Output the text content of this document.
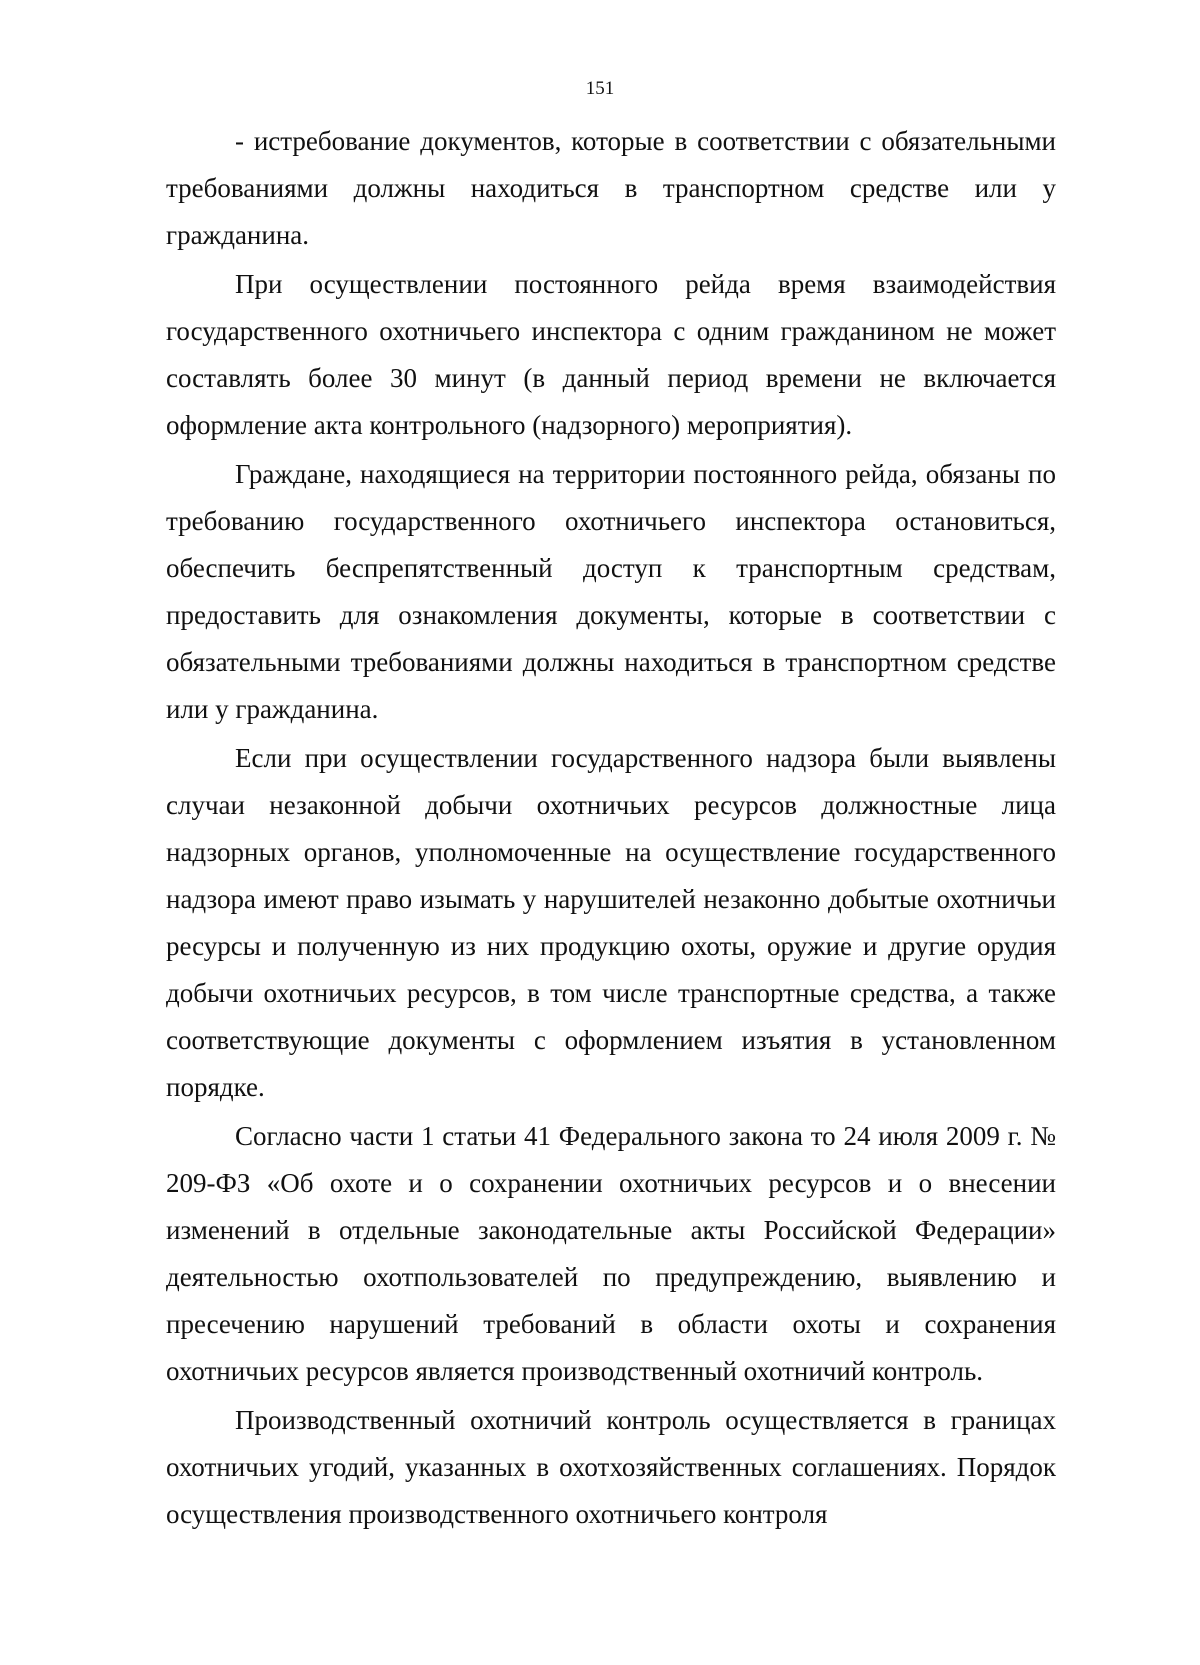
151

- истребование документов, которые в соответствии с обязательными требованиями должны находиться в транспортном средстве или у гражданина.

При осуществлении постоянного рейда время взаимодействия государственного охотничьего инспектора с одним гражданином не может составлять более 30 минут (в данный период времени не включается оформление акта контрольного (надзорного) мероприятия).

Граждане, находящиеся на территории постоянного рейда, обязаны по требованию государственного охотничьего инспектора остановиться, обеспечить беспрепятственный доступ к транспортным средствам, предоставить для ознакомления документы, которые в соответствии с обязательными требованиями должны находиться в транспортном средстве или у гражданина.

Если при осуществлении государственного надзора были выявлены случаи незаконной добычи охотничьих ресурсов должностные лица надзорных органов, уполномоченные на осуществление государственного надзора имеют право изымать у нарушителей незаконно добытые охотничьи ресурсы и полученную из них продукцию охоты, оружие и другие орудия добычи охотничьих ресурсов, в том числе транспортные средства, а также соответствующие документы с оформлением изъятия в установленном порядке.

Согласно части 1 статьи 41 Федерального закона то 24 июля 2009 г. № 209-ФЗ «Об охоте и о сохранении охотничьих ресурсов и о внесении изменений в отдельные законодательные акты Российской Федерации» деятельностью охотпользователей по предупреждению, выявлению и пресечению нарушений требований в области охоты и сохранения охотничьих ресурсов является производственный охотничий контроль.

Производственный охотничий контроль осуществляется в границах охотничьих угодий, указанных в охотхозяйственных соглашениях. Порядок осуществления производственного охотничьего контроля
